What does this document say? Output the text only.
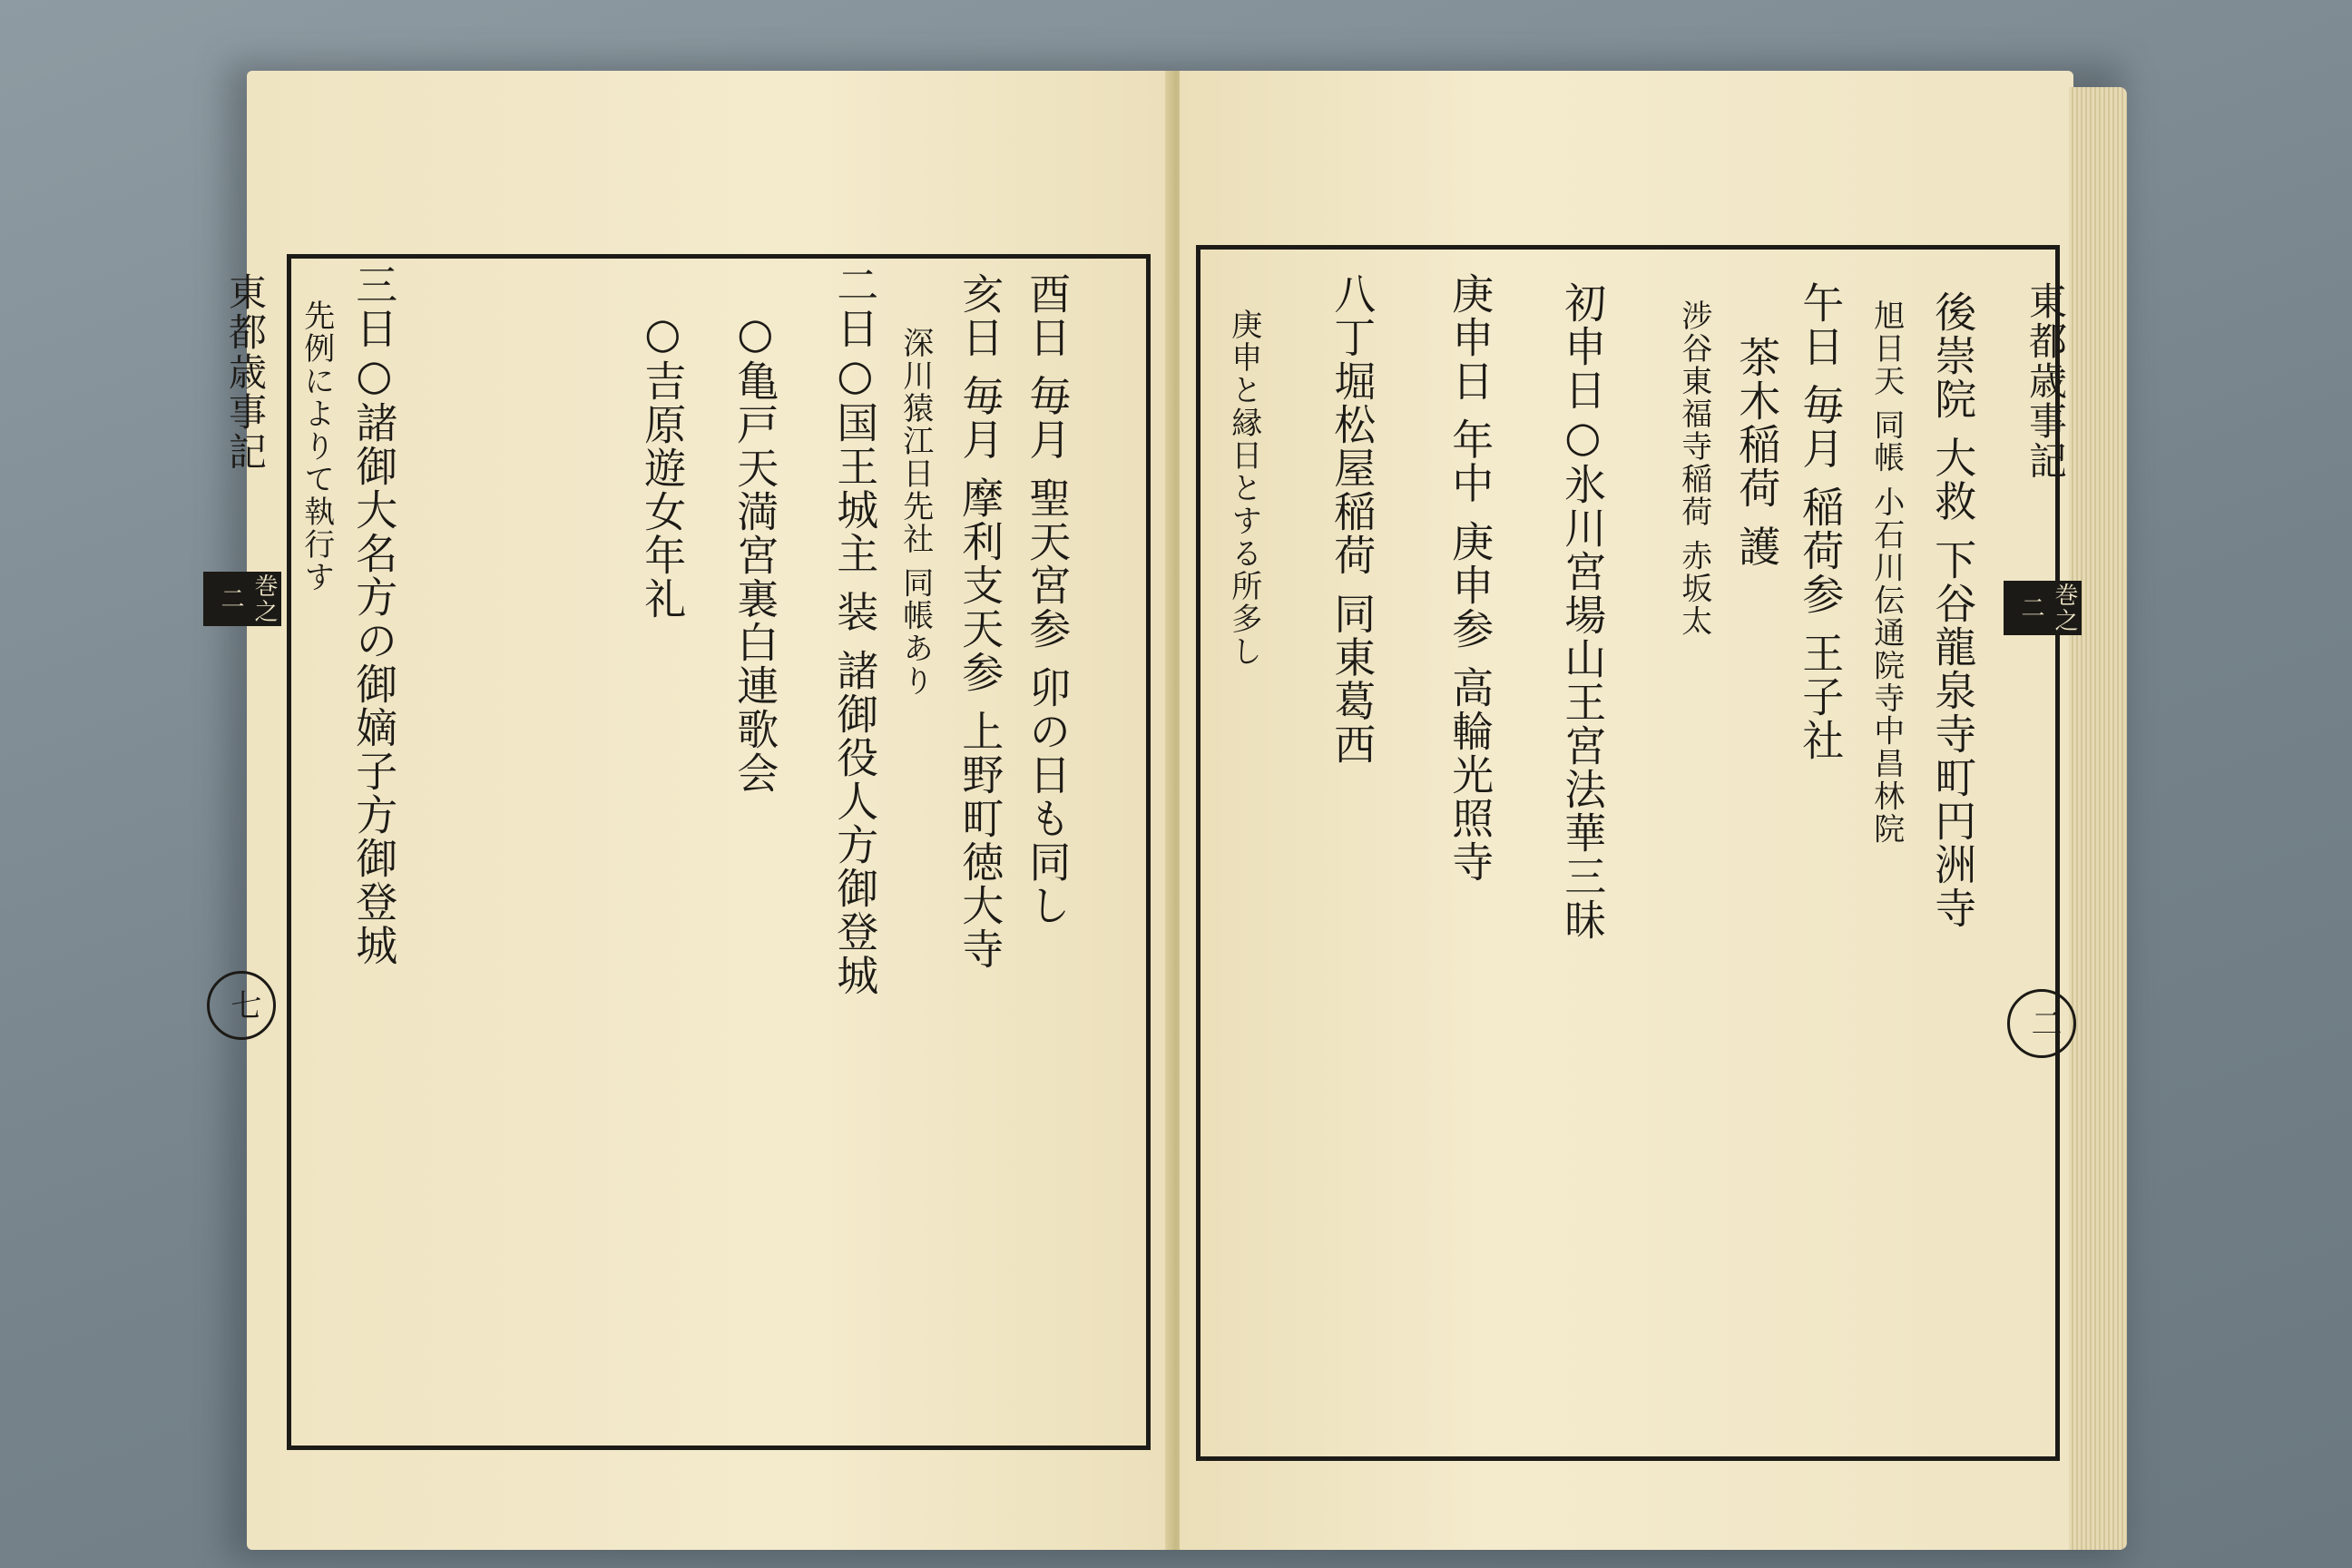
東都歳事記
巻之二
二
後崇院 大救 下谷龍泉寺町円洲寺
旭日天 同帳 小石川伝通院寺中昌林院
午日 毎月 稲荷参 王子社
茶木稲荷 護
涉谷東福寺稲荷 赤坂太
初申日○氷川宮場山王宮法華三昧
庚申日 年中 庚申参 高輪光照寺
八丁堀松屋稲荷 同東葛西
庚申と縁日とする所多し
東都歳事記
巻之二
七
酉日 毎月 聖天宮参 卯の日も同し
亥日 毎月 摩利支天参 上野町徳大寺
深川猿江日先社 同帳あり
二日○国王城主 装 諸御役人方御登城
○亀戸天満宮裏白連歌会
○吉原遊女年礼
三日○諸御大名方の御嫡子方御登城
先例によりて執行す
